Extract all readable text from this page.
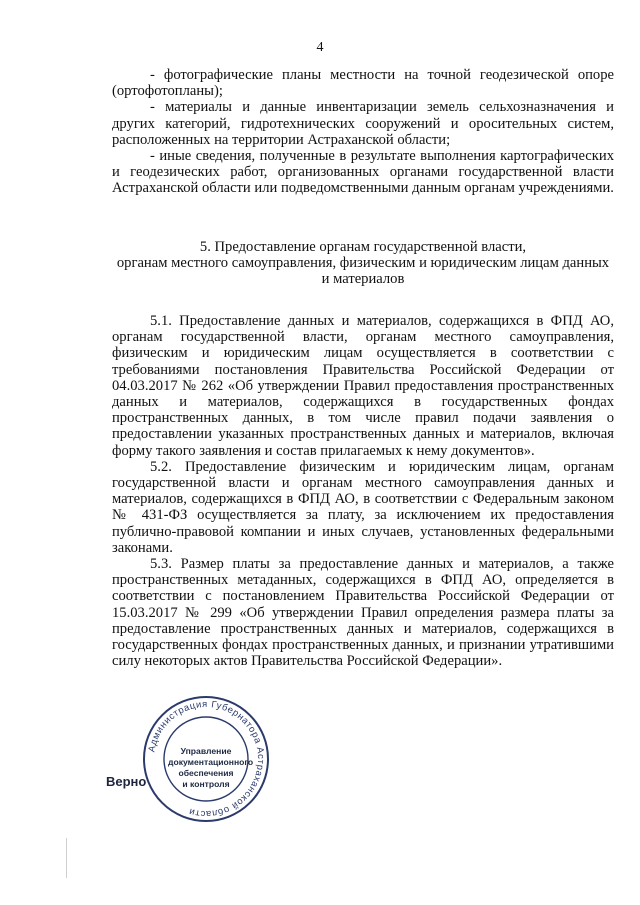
4

- фотографические планы местности на точной геодезической опоре (ортофотопланы);

- материалы и данные инвентаризации земель сельхозназначения и других категорий, гидротехнических сооружений и оросительных систем, расположенных на территории Астраханской области;

- иные сведения, полученные в результате выполнения картографических и геодезических работ, организованных органами государственной власти Астраханской области или подведомственными данным органам учреждениями.

5. Предоставление органам государственной власти,
органам местного самоуправления, физическим и юридическим лицам данных и материалов

5.1. Предоставление данных и материалов, содержащихся в ФПД АО, органам государственной власти, органам местного самоуправления, физическим и юридическим лицам осуществляется в соответствии с требованиями постановления Правительства Российской Федерации от 04.03.2017 № 262 «Об утверждении Правил предоставления пространственных данных и материалов, содержащихся в государственных фондах пространственных данных, в том числе правил подачи заявления о предоставлении указанных пространственных данных и материалов, включая форму такого заявления и состав прилагаемых к нему документов».

5.2. Предоставление физическим и юридическим лицам, органам государственной власти и органам местного самоуправления данных и материалов, содержащихся в ФПД АО, в соответствии с Федеральным законом № 431-ФЗ осуществляется за плату, за исключением их предоставления публично-правовой компании и иных случаев, установленных федеральными законами.

5.3. Размер платы за предоставление данных и материалов, а также пространственных метаданных, содержащихся в ФПД АО, определяется в соответствии с постановлением Правительства Российской Федерации от 15.03.2017 № 299 «Об утверждении Правил определения размера платы за предоставление пространственных данных и материалов, содержащихся в государственных фондах пространственных данных, и признании утратившими силу некоторых актов Правительства Российской Федерации».

Администрация Губернатора Астраханской области
Управление
документационного
обеспечения
и контроля
Верно
